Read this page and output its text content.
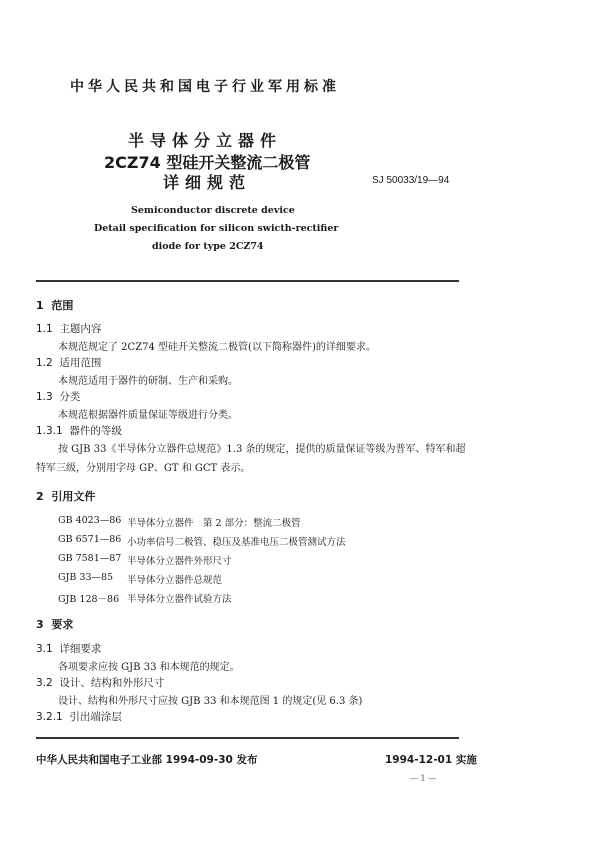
中华人民共和国电子行业军用标准
半导体分立器件
2CZ74 型硅开关整流二极管
详细规范	SJ 50033/19—94
Semiconductor discrete device
Detail specification for silicon swicth-rectifier
diode for type 2CZ74
1 范围
1.1 主题内容
本规范规定了 2CZ74 型硅开关整流二极管(以下简称器件)的详细要求。
1.2 适用范围
本规范适用于器件的研制、生产和采购。
1.3 分类
本规范根据器件质量保证等级进行分类。
1.3.1 器件的等级
按 GJB 33《半导体分立器件总规范》1.3 条的规定，提供的质量保证等级为普军、特军和超
特军三级，分别用字母 GP、GT 和 GCT 表示。
2 引用文件
GB 4023—86 半导体分立器件　第 2 部分：整流二极管
GB 6571—86 小功率信号二极管、稳压及基准电压二极管测试方法
GB 7581—87 半导体分立器件外形尺寸
GJB 33—85 半导体分立器件总规范
GJB 128－86 半导体分立器件试验方法
3 要求
3.1 详细要求
各项要求应按 GJB 33 和本规范的规定。
3.2 设计、结构和外形尺寸
设计、结构和外形尺寸应按 GJB 33 和本规范图 1 的规定(见 6.3 条)
3.2.1 引出端涂层
中华人民共和国电子工业部 1994-09-30 发布	1994-12-01 实施
— 1 —
